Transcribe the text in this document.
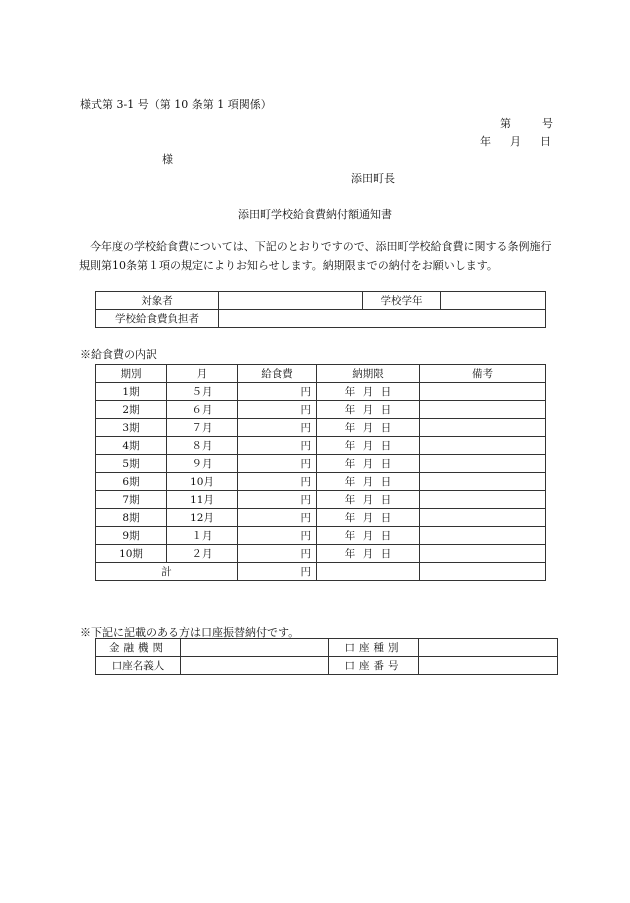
様式第 3-1 号（第 10 条第 1 項関係）
第	号
年 月 日
様
添田町長
添田町学校給食費納付額通知書
今年度の学校給食費については、下記のとおりですので、添田町学校給食費に関する条例施行規則第10条第１項の規定によりお知らせします。納期限までの納付をお願いします。
対象者		学校学年	
学校給食費負担者			
※給食費の内訳
期別	月	給食費	納期限	備考
1期	５月	円	年 月 日	
2期	６月	円	年 月 日	
3期	７月	円	年 月 日	
4期	８月	円	年 月 日	
5期	９月	円	年 月 日	
6期	10月	円	年 月 日	
7期	11月	円	年 月 日	
8期	12月	円	年 月 日	
9期	１月	円	年 月 日	
10期	２月	円	年 月 日	
計		円		
※下記に記載のある方は口座振替納付です。
金融機関		口座種別	
口座名義人		口座番号	
